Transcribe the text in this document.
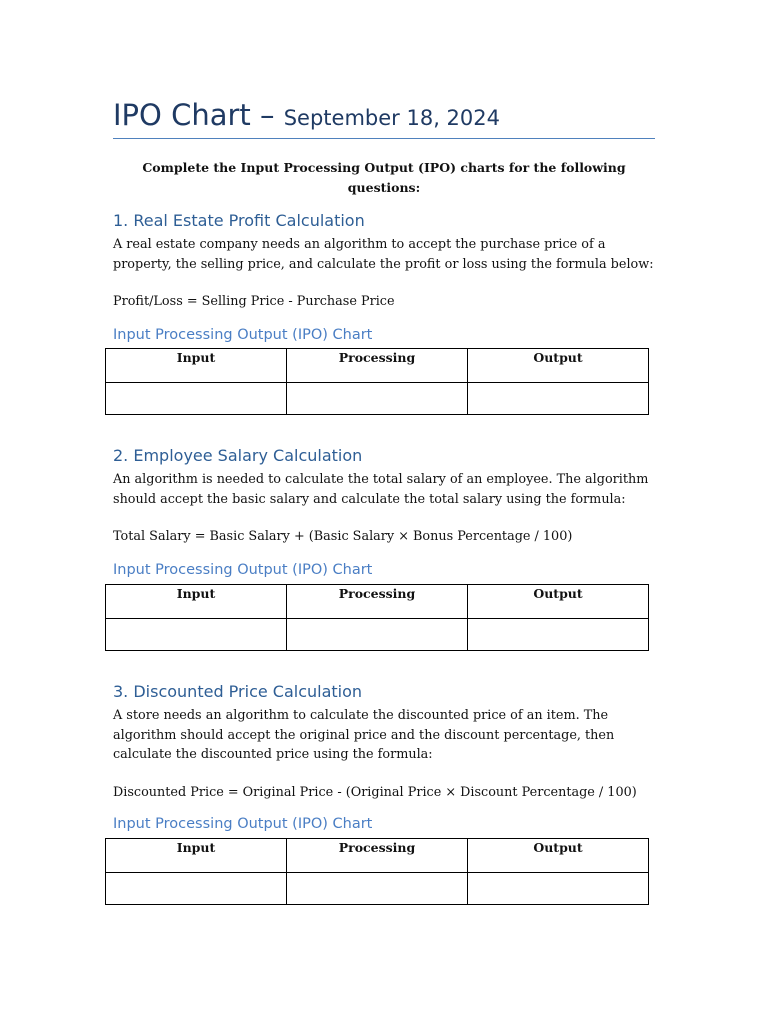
IPO Chart – September 18, 2024
Complete the Input Processing Output (IPO) charts for the following questions:
1. Real Estate Profit Calculation
A real estate company needs an algorithm to accept the purchase price of a property, the selling price, and calculate the profit or loss using the formula below:
Profit/Loss = Selling Price - Purchase Price
Input Processing Output (IPO) Chart
Input	Processing	Output

2. Employee Salary Calculation
An algorithm is needed to calculate the total salary of an employee. The algorithm should accept the basic salary and calculate the total salary using the formula:
Total Salary = Basic Salary + (Basic Salary × Bonus Percentage / 100)
Input Processing Output (IPO) Chart
Input	Processing	Output

3. Discounted Price Calculation
A store needs an algorithm to calculate the discounted price of an item. The algorithm should accept the original price and the discount percentage, then calculate the discounted price using the formula:
Discounted Price = Original Price - (Original Price × Discount Percentage / 100)
Input Processing Output (IPO) Chart
Input	Processing	Output
